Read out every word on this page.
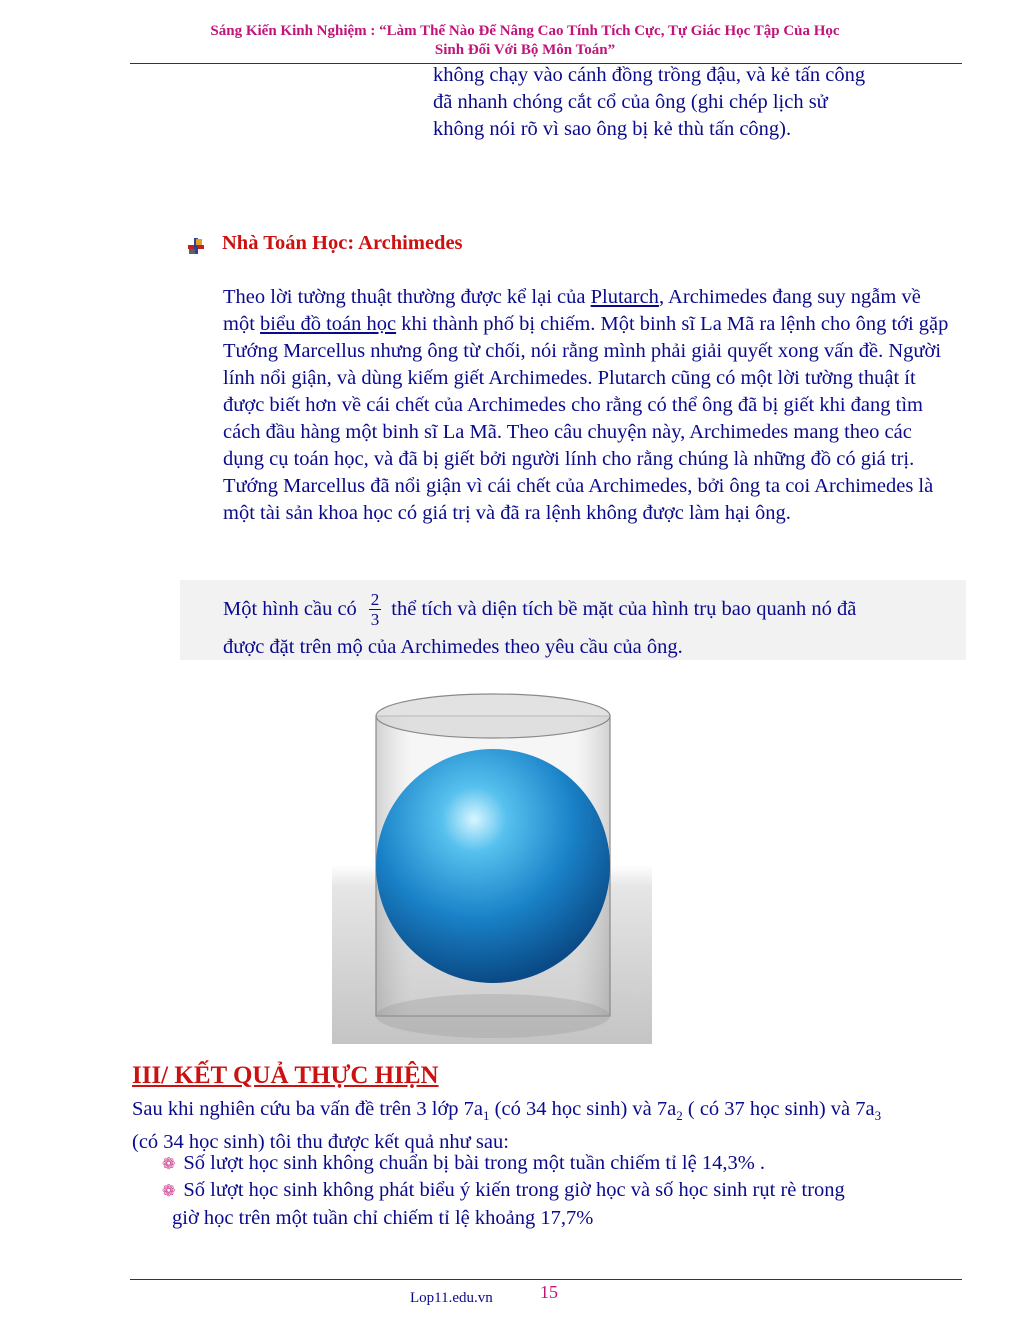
Sáng Kiến Kinh Nghiệm : “Làm Thế Nào Để Nâng Cao Tính Tích Cực, Tự Giác Học Tập Của Học
Sinh Đối Với Bộ Môn Toán”
không chạy vào cánh đồng trồng đậu, và kẻ tấn công
đã nhanh chóng cắt cổ của ông (ghi chép lịch sử
không nói rõ vì sao ông bị kẻ thù tấn công).
Nhà Toán Học: Archimedes
Theo lời tường thuật thường được kể lại của Plutarch, Archimedes đang suy ngẫm về một biểu đồ toán học khi thành phố bị chiếm. Một binh sĩ La Mã ra lệnh cho ông tới gặp Tướng Marcellus nhưng ông từ chối, nói rằng mình phải giải quyết xong vấn đề. Người lính nổi giận, và dùng kiếm giết Archimedes. Plutarch cũng có một lời tường thuật ít được biết hơn về cái chết của Archimedes cho rằng có thể ông đã bị giết khi đang tìm cách đầu hàng một binh sĩ La Mã. Theo câu chuyện này, Archimedes mang theo các dụng cụ toán học, và đã bị giết bởi người lính cho rằng chúng là những đồ có giá trị. Tướng Marcellus đã nổi giận vì cái chết của Archimedes, bởi ông ta coi Archimedes là một tài sản khoa học có giá trị và đã ra lệnh không được làm hại ông.
Một hình cầu có $\frac{2}{3}$ thể tích và diện tích bề mặt của hình trụ bao quanh nó đã
được đặt trên mộ của Archimedes theo yêu cầu của ông.
III/ KẾT QUẢ THỰC HIỆN
Sau khi nghiên cứu ba vấn đề trên 3 lớp $7a_1$ (có 34 học sinh) và $7a_2$ ( có 37 học sinh) và $7a_3$ (có 34 học sinh) tôi thu được kết quả như sau:
❁ Số lượt học sinh không chuẩn bị bài trong một tuần chiếm tỉ lệ 14,3% .
❁ Số lượt học sinh không phát biểu ý kiến trong giờ học và số học sinh rụt rè trong
giờ học trên một tuần chỉ chiếm tỉ lệ khoảng 17,7%
Lop11.edu.vn	15
